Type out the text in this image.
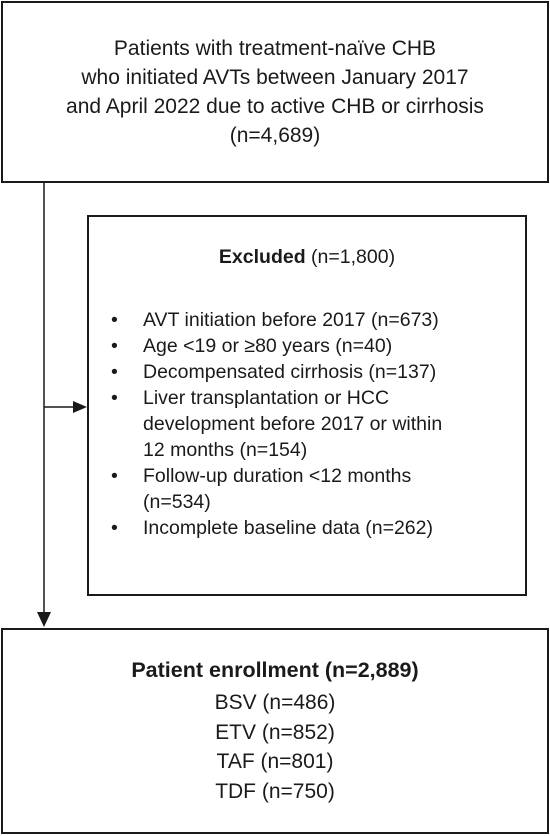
Patients with treatment-naïve CHB
who initiated AVTs between January 2017
and April 2022 due to active CHB or cirrhosis
(n=4,689)
Excluded (n=1,800)
• AVT initiation before 2017 (n=673)
• Age <19 or ≥80 years (n=40)
• Decompensated cirrhosis (n=137)
• Liver transplantation or HCC
development before 2017 or within
12 months (n=154)
• Follow-up duration <12 months
(n=534)
• Incomplete baseline data (n=262)
Patient enrollment (n=2,889)
BSV (n=486)
ETV (n=852)
TAF (n=801)
TDF (n=750)
